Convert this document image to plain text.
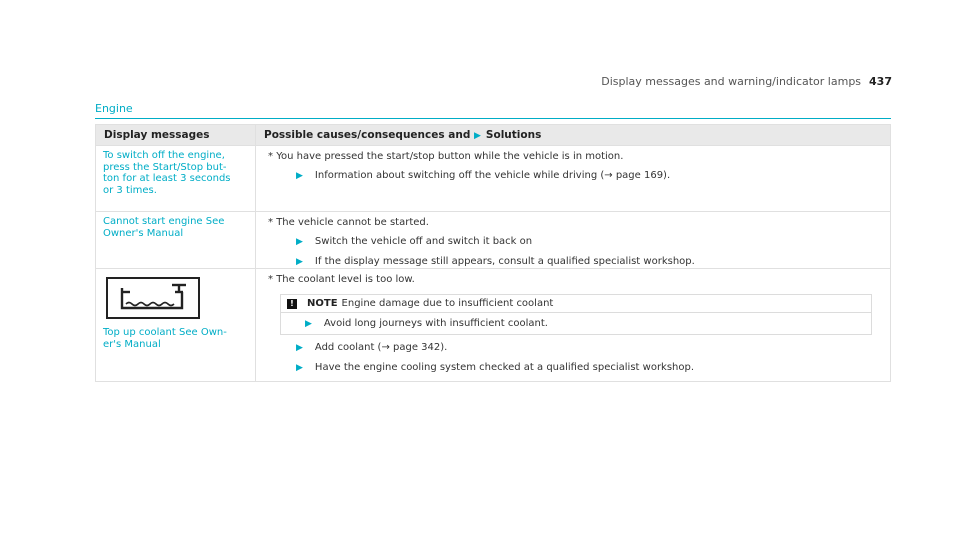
Display messages and warning/indicator lamps 437
Engine
Display messages	Possible causes/consequences and ▶ Solutions
To switch off the engine,
press the Start/Stop but-
ton for at least 3 seconds
or 3 times.
* You have pressed the start/stop button while the vehicle is in motion.
▶ Information about switching off the vehicle while driving (→ page 169).
Cannot start engine See
Owner's Manual
* The vehicle cannot be started.
▶ Switch the vehicle off and switch it back on
▶ If the display message still appears, consult a qualified specialist workshop.
Top up coolant See Own-
er's Manual
* The coolant level is too low.
!	NOTE Engine damage due to insufficient coolant
▶ Avoid long journeys with insufficient coolant.
▶ Add coolant (→ page 342).
▶ Have the engine cooling system checked at a qualified specialist workshop.
